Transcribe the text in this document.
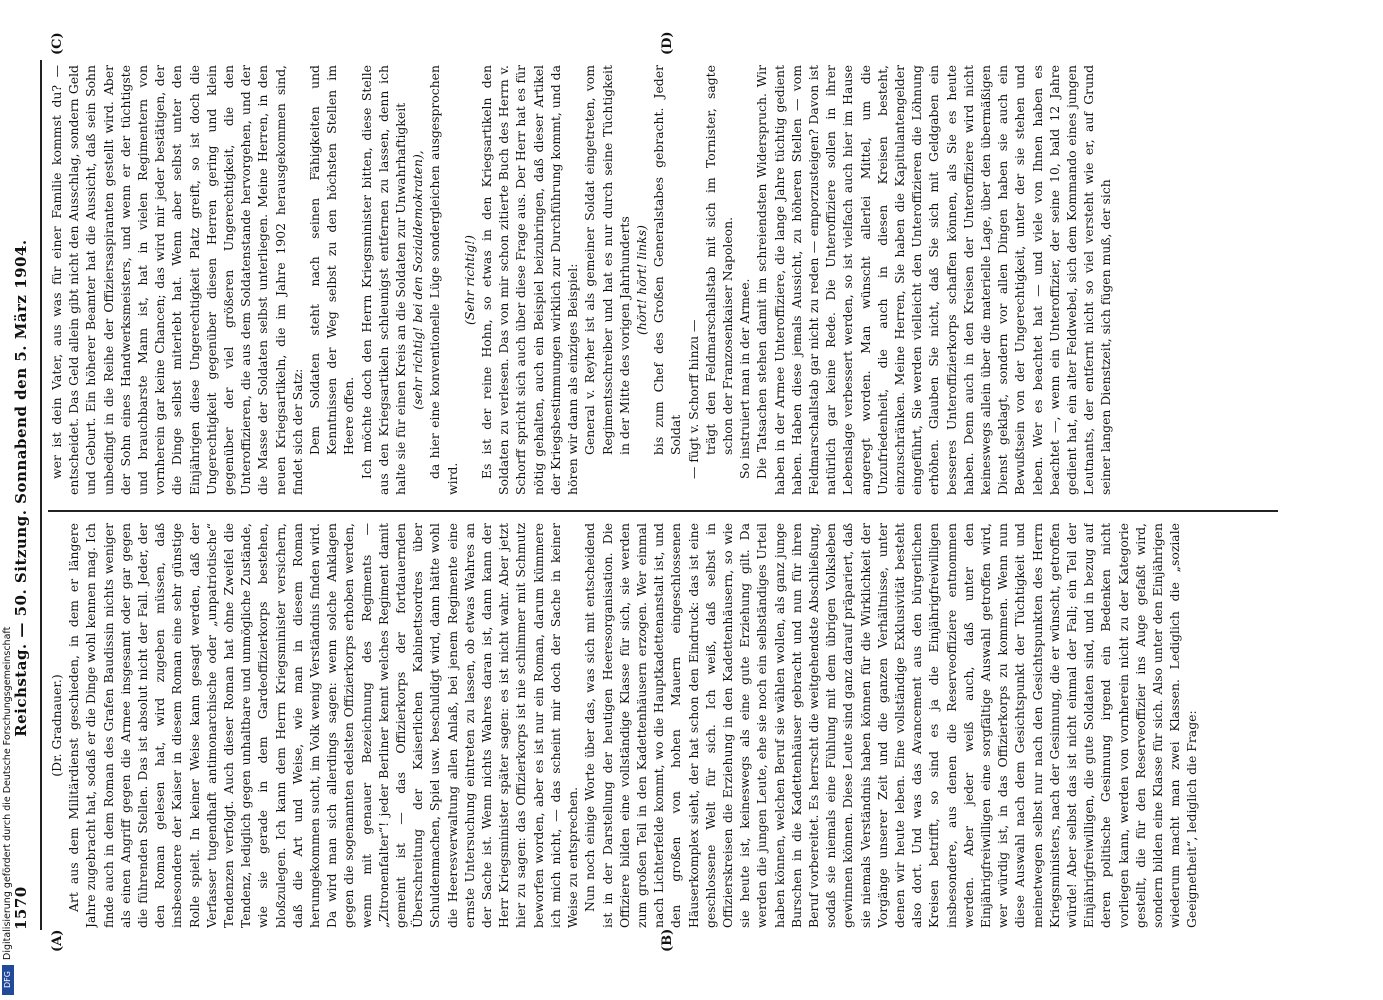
1570
Reichstag. — 50. Sitzung. Sonnabend den 5. März 1904.
(A)	(B)
(C)	(D)

(Dr. Gradnauer.) Art aus dem Militärdienst geschieden, in dem er längere Jahre zugebracht hat, sodaß er die Dinge wohl kennen mag. Ich finde auch in dem Roman des Grafen Baudissin nichts weniger als einen Angriff gegen die Armee insgesamt oder gar gegen die führenden Stellen. Das ist absolut nicht der Fall. Jeder, der den Roman gelesen hat, wird zugeben müssen, daß insbesondere der Kaiser in diesem Roman eine sehr günstige Rolle spielt. In keiner Weise kann gesagt werden, daß der Verfasser tugendhaft antimonarchische oder „unpatriotische“ Tendenzen verfolgt. Auch dieser Roman hat ohne Zweifel die Tendenz, lediglich gegen unhaltbare und unmögliche Zustände, wie sie gerade in dem Gardeoffizierkorps bestehen, bloßzulegen. Ich kann dem Herrn Kriegsminister versichern, daß die Art und Weise, wie man in diesem Roman herumgekommen sucht, im Volk wenig Verständnis finden wird. Da wird man sich allerdings sagen: wenn solche Anklagen gegen die sogenannten edelsten Offizierkorps erhoben werden, wenn mit genauer Bezeichnung des Regiments — „Zitronenfalter“! jeder Berliner kennt welches Regiment damit gemeint ist — das Offizierkorps der fortdauernden Überschreitung der Kaiserlichen Kabinettsordres über Schuldenmachen, Spiel usw. beschuldigt wird, dann hätte wohl die Heeresverwaltung allen Anlaß, bei jenem Regimente eine ernste Untersuchung eintreten zu lassen, ob etwas Wahres an der Sache ist. Wenn nichts Wahres daran ist, dann kann der Herr Kriegsminister später sagen: es ist nicht wahr. Aber jetzt hier zu sagen: das Offizierkorps ist nie schlimmer mit Schmutz beworfen worden, aber es ist nur ein Roman, darum kümmere ich mich nicht, — das scheint mir doch der Sache in keiner Weise zu entsprechen. Nun noch einige Worte über das, was sich mit entscheidend ist in der Darstellung der heutigen Heeresorganisation. Die Offiziere bilden eine vollständige Klasse für sich, sie werden zum großen Teil in den Kadettenhäusern erzogen. Wer einmal nach Lichterfelde kommt, wo die Hauptkadettenanstalt ist, und den großen von hohen Mauern eingeschlossenen Häuserkomplex sieht, der hat schon den Eindruck: das ist eine geschlossene Welt für sich. Ich weiß, daß selbst in Offizierskreisen die Erziehung in den Kadettenhäusern, so wie sie heute ist, keineswegs als eine gute Erziehung gilt. Da werden die jungen Leute, ehe sie noch ein selbständiges Urteil haben können, welchen Beruf sie wählen wollen, als ganz junge Burschen in die Kadettenhäuser gebracht und nun für ihren Beruf vorbereitet. Es herrscht die weitgehendste Abschließung, sodaß sie niemals eine Fühlung mit dem übrigen Volksleben gewinnen können. Diese Leute sind ganz darauf präpariert, daß sie niemals Verständnis haben können für die Wirklichkeit der Vorgänge unserer Zeit und die ganzen Verhältnisse, unter denen wir heute leben. Eine vollständige Exklusivität besteht also dort. Und was das Avancement aus den bürgerlichen Kreisen betrifft, so sind es ja die Einjährigfreiwilligen insbesondere, aus denen die Reserveoffiziere entnommen werden. Aber jeder weiß auch, daß unter den Einjährigfreiwilligen eine sorgfältige Auswahl getroffen wird, wer würdig ist, in das Offizierkorps zu kommen. Wenn nun diese Auswahl nach dem Gesichtspunkt der Tüchtigkeit und meinetwegen selbst nur nach den Gesichtspunkten des Herrn Kriegsministers, nach der Gesinnung, die er wünscht, getroffen würde! Aber selbst das ist nicht einmal der Fall; ein Teil der Einjährigfreiwilligen, die gute Soldaten sind, und in bezug auf deren politische Gesinnung irgend ein Bedenken nicht vorliegen kann, werden von vornherein nicht zu der Kategorie gestellt, die für den Reserveoffizier ins Auge gefaßt wird, sondern bilden eine Klasse für sich. Also unter den Einjährigen wiederum macht man zwei Klassen. Lediglich die „soziale Geeignetheit“, lediglich die Frage:

wer ist dein Vater, aus was für einer Familie kommst du? — entscheidet. Das Geld allein gibt nicht den Ausschlag, sondern Geld und Geburt. Ein höherer Beamter hat die Aussicht, daß sein Sohn unbedingt in die Reihe der Offiziersaspiranten gestellt wird. Aber der Sohn eines Handwerksmeisters, und wenn er der tüchtigste und brauchbarste Mann ist, hat in vielen Regimentern von vornherein gar keine Chancen; das wird mir jeder bestätigen, der die Dinge selbst miterlebt hat. Wenn aber selbst unter den Einjährigen diese Ungerechtigkeit Platz greift, so ist doch die Ungerechtigkeit gegenüber diesen Herren gering und klein gegenüber der viel größeren Ungerechtigkeit, die den Unteroffizieren, die aus dem Soldatenstande hervorgehen, und der die Masse der Soldaten selbst unterliegen. Meine Herren, in den neuen Kriegsartikeln, die im Jahre 1902 herausgekommen sind, findet sich der Satz: Dem Soldaten steht nach seinen Fähigkeiten und Kenntnissen der Weg selbst zu den höchsten Stellen im Heere offen. Ich möchte doch den Herrn Kriegsminister bitten, diese Stelle aus den Kriegsartikeln schleunigst entfernen zu lassen, denn ich halte sie für einen Kreis an die Soldaten zur Unwahrhaftigkeit (sehr richtig! bei den Sozialdemokraten), da hier eine konventionelle Lüge sondergleichen ausgesprochen wird.

(Sehr richtig!) Es ist der reine Hohn, so etwas in den Kriegsartikeln den Soldaten zu verlesen. Das von mir schon zitierte Buch des Herrn v. Schorff spricht sich auch über diese Frage aus. Der Herr hat es für nötig gehalten, auch ein Beispiel beizubringen, daß dieser Artikel der Kriegsbestimmungen wirklich zur Durchführung kommt, und da hören wir dann als einziges Beispiel: General v. Reyher ist als gemeiner Soldat eingetreten, vom Regimentsschreiber und hat es nur durch seine Tüchtigkeit in der Mitte des vorigen Jahrhunderts (hört! hört! links) bis zum Chef des Großen Generalstabes gebracht. Jeder Soldat — fügt v. Schorff hinzu — trägt den Feldmarschallstab mit sich im Tornister, sagte schon der Franzosenkaiser Napoleon. So instruiert man in der Armee. Die Tatsachen stehen damit im schreiendsten Widerspruch. Wir haben in der Armee Unteroffiziere, die lange Jahre tüchtig gedient haben. Haben diese jemals Aussicht, zu höheren Stellen — vom Feldmarschallstab gar nicht zu reden — emporzusteigen? Davon ist natürlich gar keine Rede. Die Unteroffiziere sollen in ihrer Lebenslage verbessert werden, so ist vielfach auch hier im Hause angeregt worden. Man wünscht allerlei Mittel, um die Unzufriedenheit, die auch in diesen Kreisen besteht, einzuschränken. Meine Herren, Sie haben die Kapitulantengelder eingeführt, Sie werden vielleicht den Unteroffizieren die Löhnung erhöhen. Glauben Sie nicht, daß Sie sich mit Geldgaben ein besseres Unteroffizierkorps schaffen können, als Sie es heute haben. Denn auch in den Kreisen der Unteroffiziere wird nicht keineswegs allein über die materielle Lage, über den übermäßigen Dienst geklagt, sondern vor allen Dingen haben sie auch ein Bewußtsein von der Ungerechtigkeit, unter der sie stehen und leben. Wer es beachtet hat — und viele von Ihnen haben es beachtet —, wenn ein Unteroffizier, der seine 10, bald 12 Jahre gedient hat, ein alter Feldwebel, sich dem Kommando eines jungen Leutnants, der entfernt nicht so viel versteht wie er, auf Grund seiner langen Dienstzeit, sich fügen muß, der sich

Digitalisierung gefördert durch die Deutsche Forschungsgemeinschaft
DFG
